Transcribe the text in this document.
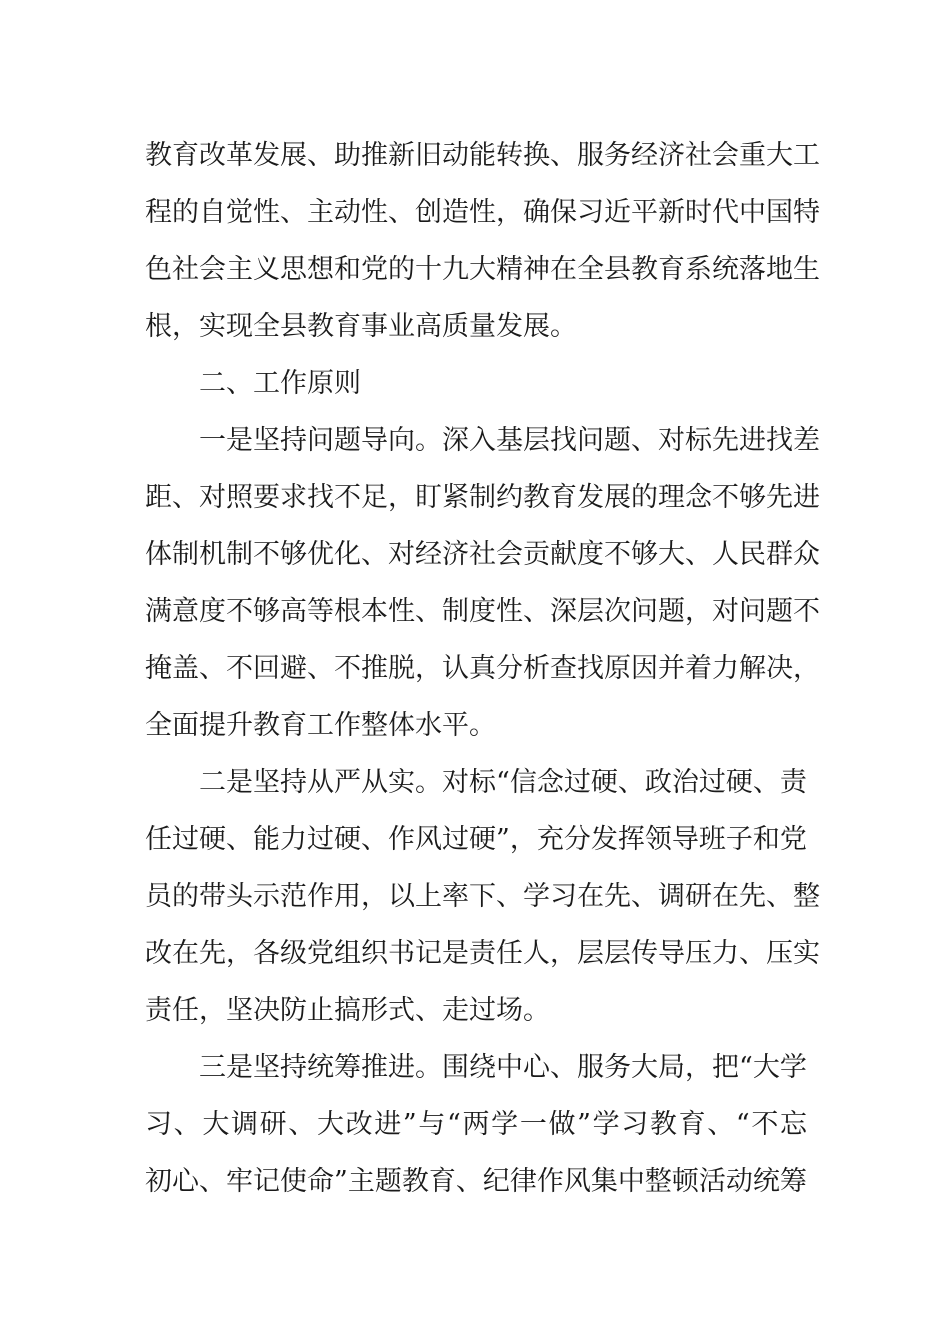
教 育 改 革 发 展 、 助 推 新 旧 动 能 转 换 、 服 务 经 济 社 会 重 大 工
程 的 自 觉 性 、 主 动 性 、 创 造 性 ， 确 保 习 近 平 新 时 代 中 国 特
色 社 会 主 义 思 想 和 党 的 十 九 大 精 神 在 全 县 教 育 系 统 落 地 生
根 ， 实 现 全 县 教 育 事 业 高 质 量 发 展 。
二 、 工 作 原 则
一 是 坚 持 问 题 导 向 。 深 入 基 层 找 问 题 、 对 标 先 进 找 差
距 、 对 照 要 求 找 不 足 ， 盯 紧 制 约 教 育 发 展 的 理 念 不 够 先 进
体 制 机 制 不 够 优 化 、 对 经 济 社 会 贡 献 度 不 够 大 、 人 民 群 众
满 意 度 不 够 高 等 根 本 性 、 制 度 性 、 深 层 次 问 题 ， 对 问 题 不
掩 盖 、 不 回 避 、 不 推 脱 ， 认 真 分 析 查 找 原 因 并 着 力 解 决 ，
全 面 提 升 教 育 工 作 整 体 水 平 。
二 是 坚 持 从 严 从 实 。 对 标 “ 信 念 过 硬 、 政 治 过 硬 、 责
任 过 硬 、 能 力 过 硬 、 作 风 过 硬 ” ， 充 分 发 挥 领 导 班 子 和 党
员 的 带 头 示 范 作 用 ， 以 上 率 下 、 学 习 在 先 、 调 研 在 先 、 整
改 在 先 ， 各 级 党 组 织 书 记 是 责 任 人 ， 层 层 传 导 压 力 、 压 实
责 任 ， 坚 决 防 止 搞 形 式 、 走 过 场 。
三 是 坚 持 统 筹 推 进 。 围 绕 中 心 、 服 务 大 局 ， 把 “ 大 学
习 、 大 调 研 、 大 改 进 ” 与 “ 两 学 一 做 ” 学 习 教 育 、 “ 不 忘
初 心 、 牢 记 使 命 ” 主 题 教 育 、 纪 律 作 风 集 中 整 顿 活 动 统 筹
